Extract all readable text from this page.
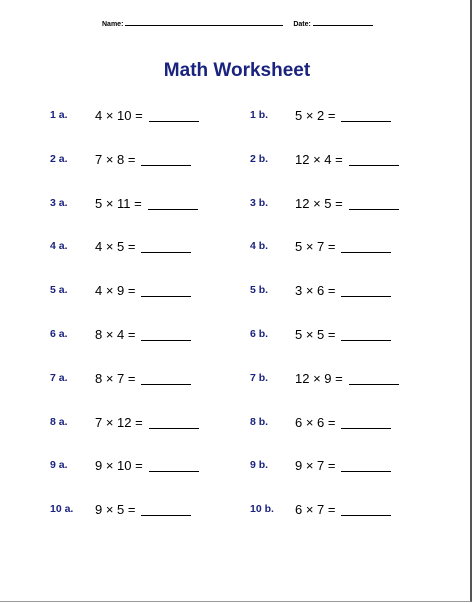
Name:	Date:
Math Worksheet
1 a. 4 × 10 =	1 b. 5 × 2 =
2 a. 7 × 8 =	2 b. 12 × 4 =
3 a. 5 × 11 =	3 b. 12 × 5 =
4 a. 4 × 5 =	4 b. 5 × 7 =
5 a. 4 × 9 =	5 b. 3 × 6 =
6 a. 8 × 4 =	6 b. 5 × 5 =
7 a. 8 × 7 =	7 b. 12 × 9 =
8 a. 7 × 12 =	8 b. 6 × 6 =
9 a. 9 × 10 =	9 b. 9 × 7 =
10 a. 9 × 5 =	10 b. 6 × 7 =
